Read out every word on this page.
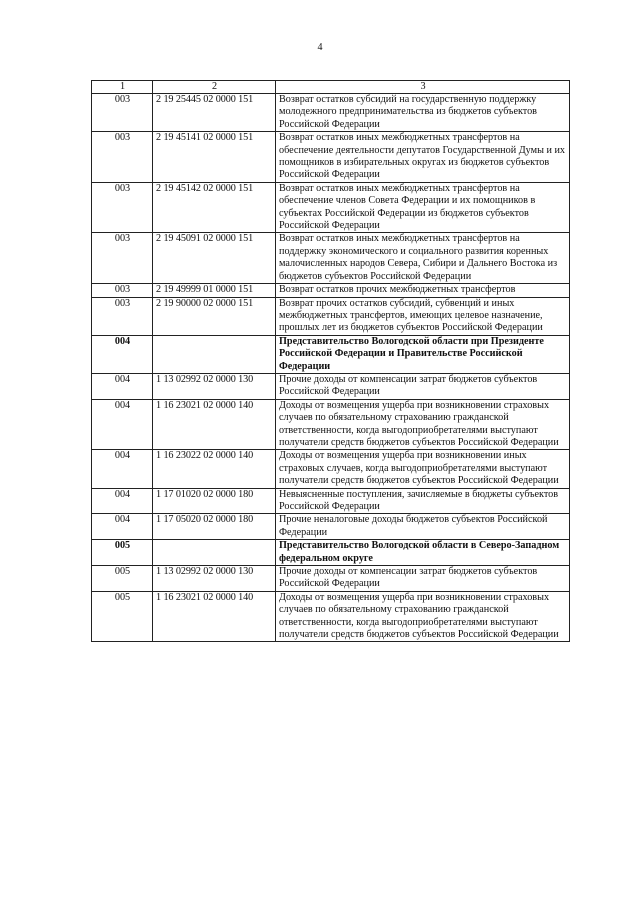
4
1	2	3
003	2 19 25445 02 0000 151	Возврат остатков субсидий на государственную поддержку молодежного предпринимательства из бюджетов субъектов Российской Федерации
003	2 19 45141 02 0000 151	Возврат остатков иных межбюджетных трансфертов на обеспечение деятельности депутатов Государственной Думы и их помощников в избирательных округах из бюджетов субъектов Российской Федерации
003	2 19 45142 02 0000 151	Возврат остатков иных межбюджетных трансфертов на обеспечение членов Совета Федерации и их помощников в субъектах Российской Федерации из бюджетов субъектов Российской Федерации
003	2 19 45091 02 0000 151	Возврат остатков иных межбюджетных трансфертов на поддержку экономического и социального развития коренных малочисленных народов Севера, Сибири и Дальнего Востока из бюджетов субъектов Российской Федерации
003	2 19 49999 01 0000 151	Возврат остатков прочих межбюджетных трансфертов
003	2 19 90000 02 0000 151	Возврат прочих остатков субсидий, субвенций и иных межбюджетных трансфертов, имеющих целевое назначение, прошлых лет из бюджетов субъектов Российской Федерации
004		Представительство Вологодской области при Президенте Российской Федерации и Правительстве Российской Федерации
004	1 13 02992 02 0000 130	Прочие доходы от компенсации затрат бюджетов субъектов Российской Федерации
004	1 16 23021 02 0000 140	Доходы от возмещения ущерба при возникновении страховых случаев по обязательному страхованию гражданской ответственности, когда выгодоприобретателями выступают получатели средств бюджетов субъектов Российской Федерации
004	1 16 23022 02 0000 140	Доходы от возмещения ущерба при возникновении иных страховых случаев, когда выгодоприобретателями выступают получатели средств бюджетов субъектов Российской Федерации
004	1 17 01020 02 0000 180	Невыясненные поступления, зачисляемые в бюджеты субъектов Российской Федерации
004	1 17 05020 02 0000 180	Прочие неналоговые доходы бюджетов субъектов Российской Федерации
005		Представительство Вологодской области в Северо-Западном федеральном округе
005	1 13 02992 02 0000 130	Прочие доходы от компенсации затрат бюджетов субъектов Российской Федерации
005	1 16 23021 02 0000 140	Доходы от возмещения ущерба при возникновении страховых случаев по обязательному страхованию гражданской ответственности, когда выгодоприобретателями выступают получатели средств бюджетов субъектов Российской Федерации
